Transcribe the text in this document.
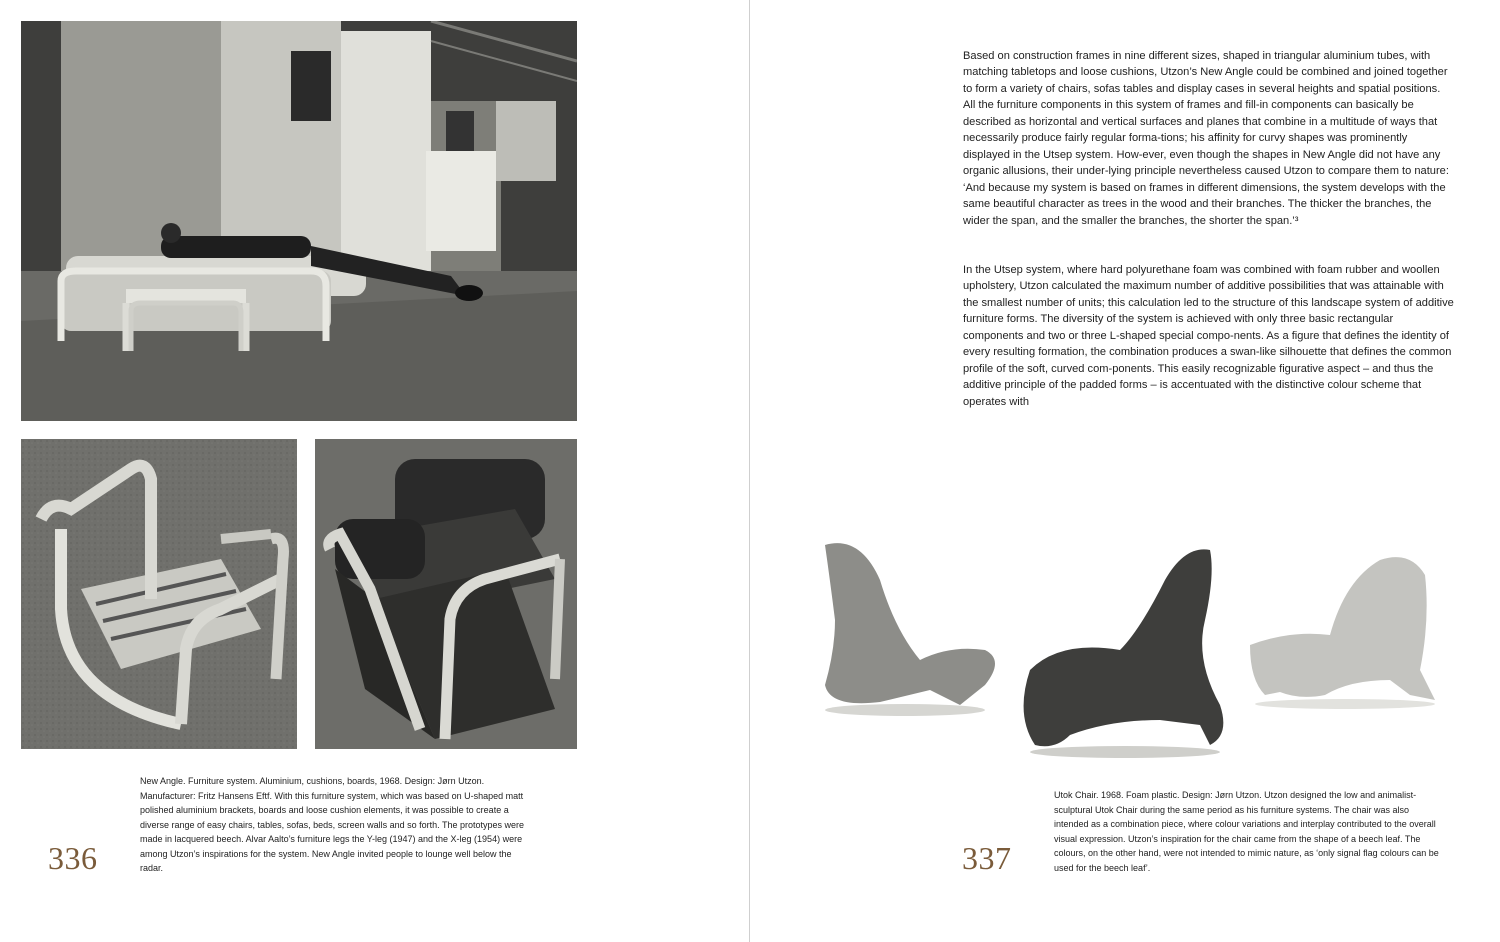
New Angle. Furniture system. Aluminium, cushions, boards, 1968. Design: Jørn Utzon. Manufacturer: Fritz Hansens Eftf. With this furniture system, which was based on U-shaped matt polished aluminium brackets, boards and loose cushion elements, it was possible to create a diverse range of easy chairs, tables, sofas, beds, screen walls and so forth. The prototypes were made in lacquered beech. Alvar Aalto’s furniture legs the Y-leg (1947) and the X-leg (1954) were among Utzon’s inspirations for the system. New Angle invited people to lounge well below the radar.
336

Based on construction frames in nine different sizes, shaped in triangular aluminium tubes, with matching tabletops and loose cushions, Utzon’s New Angle could be combined and joined together to form a variety of chairs, sofas tables and display cases in several heights and spatial positions. All the furniture components in this system of frames and fill-in components can basically be described as horizontal and vertical surfaces and planes that combine in a multitude of ways that necessarily produce fairly regular forma-tions; his affinity for curvy shapes was prominently displayed in the Utsep system. How-ever, even though the shapes in New Angle did not have any organic allusions, their under-lying principle nevertheless caused Utzon to compare them to nature: ‘And because my system is based on frames in different dimensions, the system develops with the same beautiful character as trees in the wood and their branches. The thicker the branches, the wider the span, and the smaller the branches, the shorter the span.’³

In the Utsep system, where hard polyurethane foam was combined with foam rubber and woollen upholstery, Utzon calculated the maximum number of additive possibilities that was attainable with the smallest number of units; this calculation led to the structure of this landscape system of additive furniture forms. The diversity of the system is achieved with only three basic rectangular components and two or three L-shaped special compo-nents. As a figure that defines the identity of every resulting formation, the combination produces a swan-like silhouette that defines the common profile of the soft, curved com-ponents. This easily recognizable figurative aspect – and thus the additive principle of the padded forms – is accentuated with the distinctive colour scheme that operates with

Utok Chair. 1968. Foam plastic. Design: Jørn Utzon. Utzon designed the low and animalist-sculptural Utok Chair during the same period as his furniture systems. The chair was also intended as a combination piece, where colour variations and interplay contributed to the overall visual expression. Utzon’s inspiration for the chair came from the shape of a beech leaf. The colours, on the other hand, were not intended to mimic nature, as ‘only signal flag colours can be used for the beech leaf’.
337
